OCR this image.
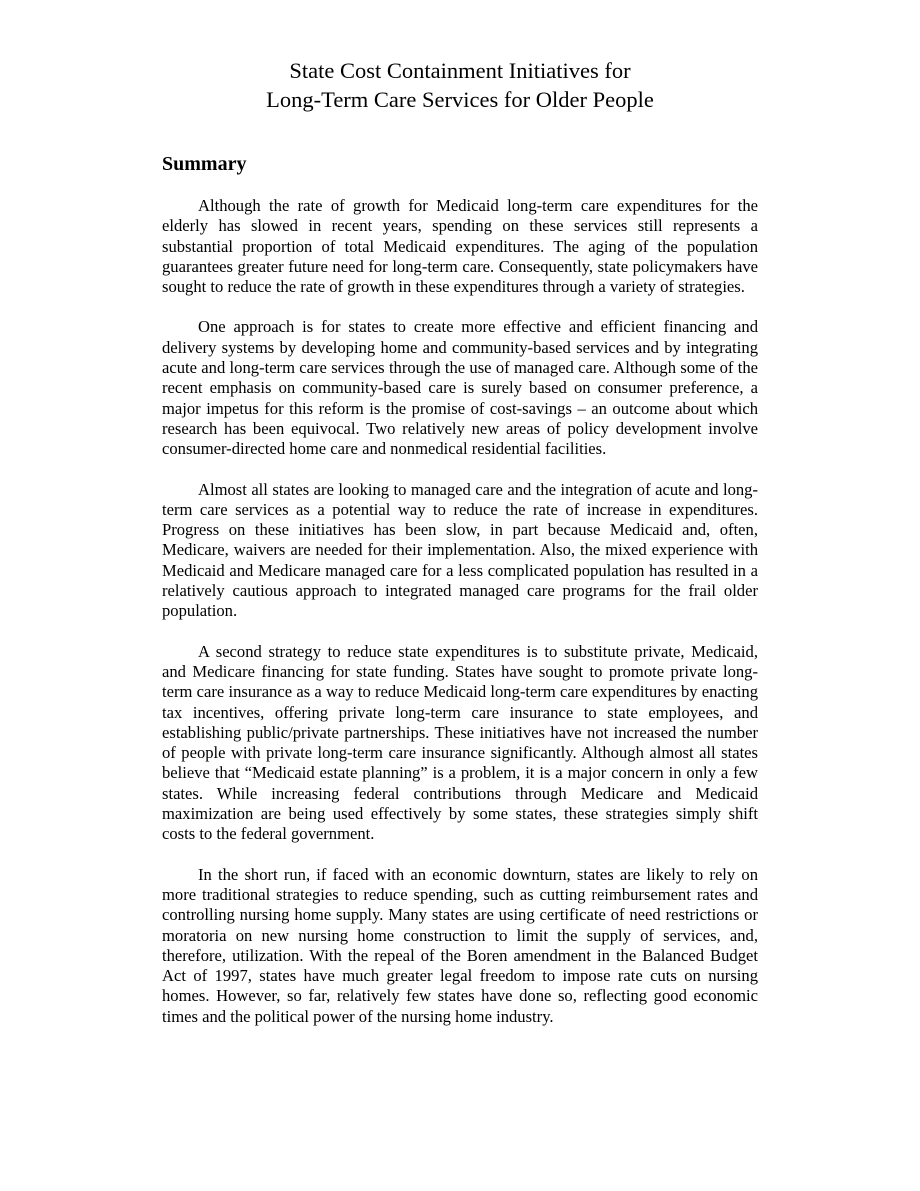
State Cost Containment Initiatives for
Long-Term Care Services for Older People
Summary

Although the rate of growth for Medicaid long-term care expenditures for the elderly has slowed in recent years, spending on these services still represents a substantial proportion of total Medicaid expenditures. The aging of the population guarantees greater future need for long-term care. Consequently, state policymakers have sought to reduce the rate of growth in these expenditures through a variety of strategies.

One approach is for states to create more effective and efficient financing and delivery systems by developing home and community-based services and by integrating acute and long-term care services through the use of managed care. Although some of the recent emphasis on community-based care is surely based on consumer preference, a major impetus for this reform is the promise of cost-savings – an outcome about which research has been equivocal. Two relatively new areas of policy development involve consumer-directed home care and nonmedical residential facilities.

Almost all states are looking to managed care and the integration of acute and long-term care services as a potential way to reduce the rate of increase in expenditures. Progress on these initiatives has been slow, in part because Medicaid and, often, Medicare, waivers are needed for their implementation. Also, the mixed experience with Medicaid and Medicare managed care for a less complicated population has resulted in a relatively cautious approach to integrated managed care programs for the frail older population.

A second strategy to reduce state expenditures is to substitute private, Medicaid, and Medicare financing for state funding. States have sought to promote private long-term care insurance as a way to reduce Medicaid long-term care expenditures by enacting tax incentives, offering private long-term care insurance to state employees, and establishing public/private partnerships. These initiatives have not increased the number of people with private long-term care insurance significantly. Although almost all states believe that “Medicaid estate planning” is a problem, it is a major concern in only a few states. While increasing federal contributions through Medicare and Medicaid maximization are being used effectively by some states, these strategies simply shift costs to the federal government.

In the short run, if faced with an economic downturn, states are likely to rely on more traditional strategies to reduce spending, such as cutting reimbursement rates and controlling nursing home supply. Many states are using certificate of need restrictions or moratoria on new nursing home construction to limit the supply of services, and, therefore, utilization. With the repeal of the Boren amendment in the Balanced Budget Act of 1997, states have much greater legal freedom to impose rate cuts on nursing homes. However, so far, relatively few states have done so, reflecting good economic times and the political power of the nursing home industry.
